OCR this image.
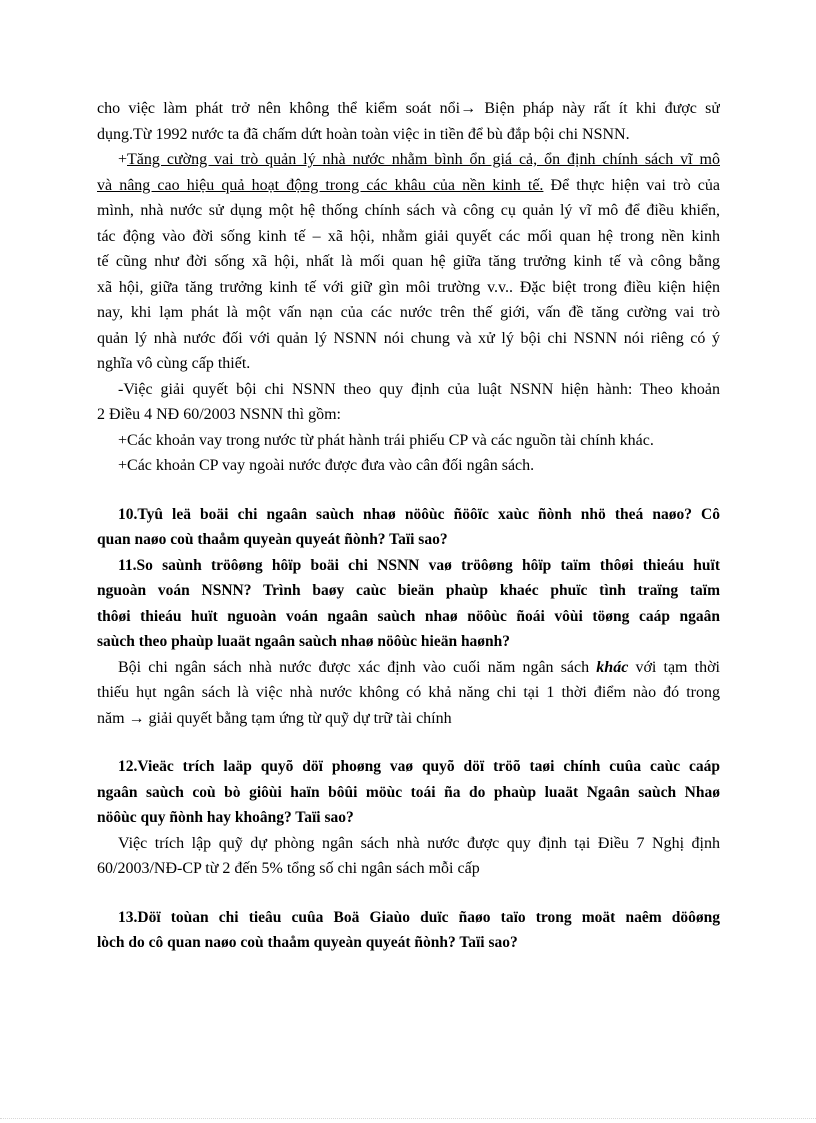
cho việc làm phát trở nên không thể kiểm soát nổi→ Biện pháp này rất ít khi được sử
dụng.Từ 1992 nước ta đã chấm dứt hoàn toàn việc in tiền để bù đắp bội chi NSNN.
+Tăng cường vai trò quản lý nhà nước nhằm bình ổn giá cả, ổn định chính sách vĩ mô
và nâng cao hiệu quả hoạt động trong các khâu của nền kinh tế. Để thực hiện vai trò của
mình, nhà nước sử dụng một hệ thống chính sách và công cụ quản lý vĩ mô để điều khiển,
tác động vào đời sống kinh tế – xã hội, nhằm giải quyết các mối quan hệ trong nền kinh
tế cũng như đời sống xã hội, nhất là mối quan hệ giữa tăng trưởng kinh tế và công bằng
xã hội, giữa tăng trưởng kinh tế với giữ gìn môi trường v.v.. Đặc biệt trong điều kiện hiện
nay, khi lạm phát là một vấn nạn của các nước trên thế giới, vấn đề tăng cường vai trò
quản lý nhà nước đối với quản lý NSNN nói chung và xử lý bội chi NSNN nói riêng có ý
nghĩa vô cùng cấp thiết.
-Việc giải quyết bội chi NSNN theo quy định của luật NSNN hiện hành: Theo khoản
2 Điều 4 NĐ 60/2003 NSNN thì gồm:
+Các khoản vay trong nước từ phát hành trái phiếu CP và các nguồn tài chính khác.
+Các khoản CP vay ngoài nước được đưa vào cân đối ngân sách.
10.Tyû leä boäi chi ngaân saùch nhaø nöôùc ñöôïc xaùc ñònh nhö theá naøo? Cô
quan naøo coù thaåm quyeàn quyeát ñònh? Taïi sao?
11.So saùnh tröôøng hôïp boäi chi NSNN vaø tröôøng hôïp taïm thôøi thieáu huït
nguoàn voán NSNN? Trình baøy caùc bieän phaùp khaéc phuïc tình traïng taïm
thôøi thieáu huït nguoàn voán ngaân saùch nhaø nöôùc ñoái vôùi töøng caáp ngaân
saùch theo phaùp luaät ngaân saùch nhaø nöôùc hieän haønh?
Bội chi ngân sách nhà nước được xác định vào cuối năm ngân sách khác với tạm thời
thiếu hụt ngân sách là việc nhà nước không có khả năng chi tại 1 thời điểm nào đó trong
năm → giải quyết bằng tạm ứng từ quỹ dự trữ tài chính
12.Vieäc trích laäp quyõ döï phoøng vaø quyõ döï tröõ taøi chính cuûa caùc caáp
ngaân saùch coù bò giôùi haïn bôûi möùc toái ña do phaùp luaät Ngaân saùch Nhaø
nöôùc quy ñònh hay khoâng? Taïi sao?
Việc trích lập quỹ dự phòng ngân sách nhà nước được quy định tại Điều 7 Nghị định
60/2003/NĐ-CP từ 2 đến 5% tổng số chi ngân sách mỗi cấp
13.Döï toùan chi tieâu cuûa Boä Giaùo duïc ñaøo taïo trong moät naêm döôøng
lòch do cô quan naøo coù thaåm quyeàn quyeát ñònh? Taïi sao?
